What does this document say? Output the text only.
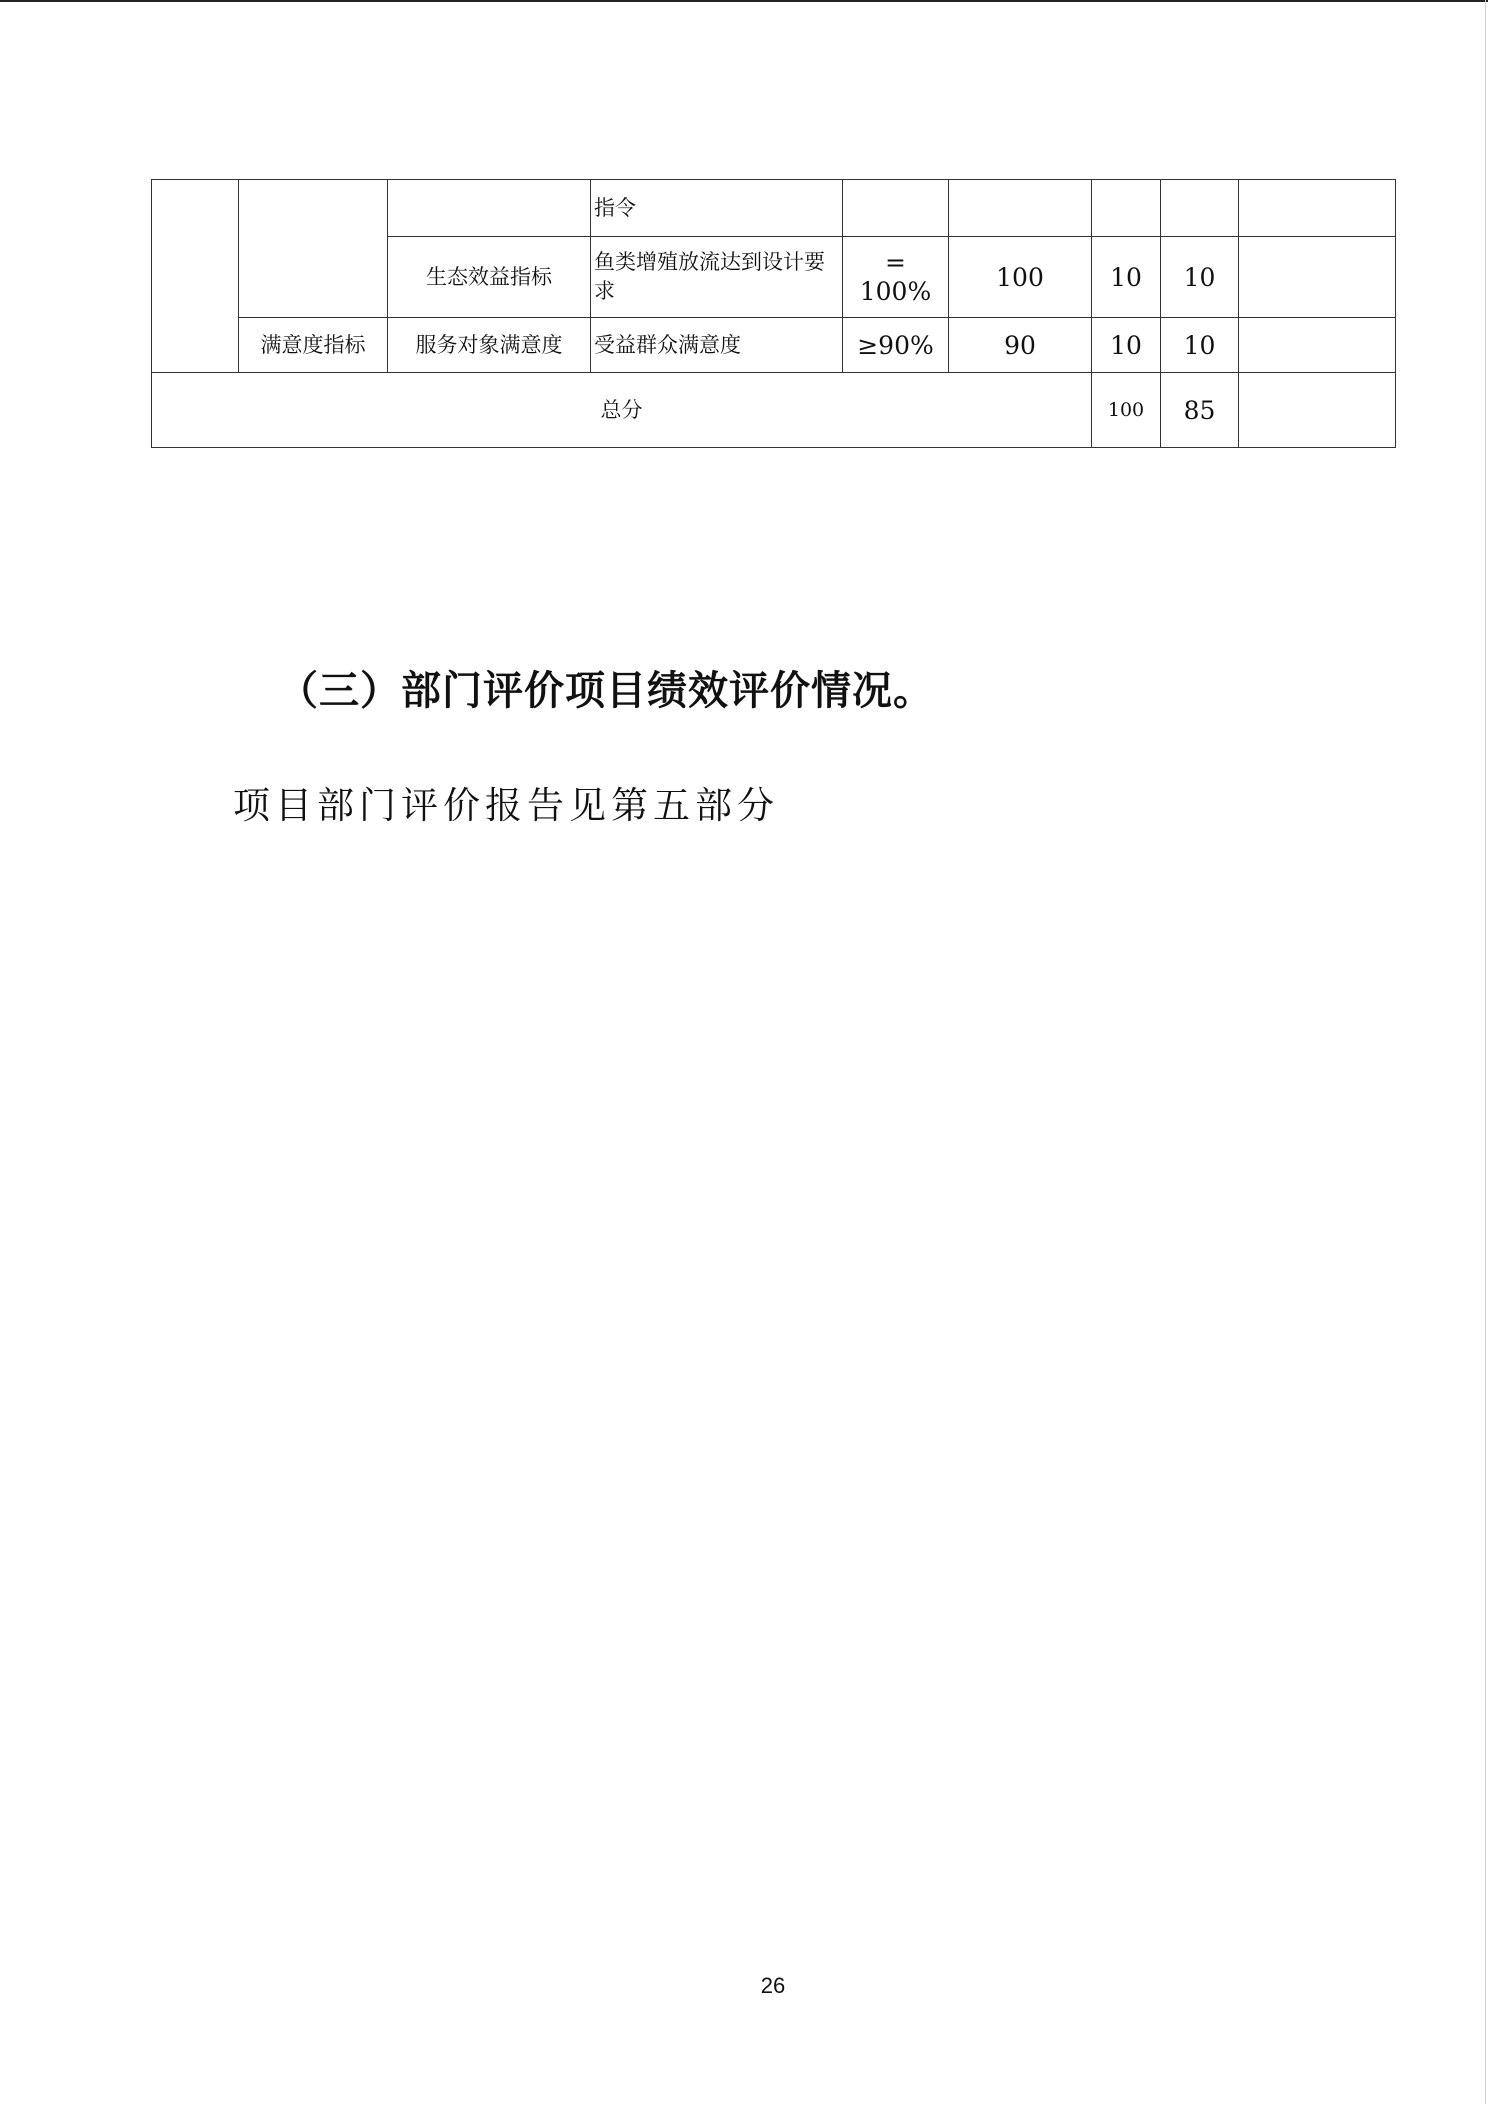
			指令					
		生态效益指标	鱼类增殖放流达到设计要求	= 100%	100	10	10	
	满意度指标	服务对象满意度	受益群众满意度	≥90%	90	10	10	
总分						100	85	
（三）部门评价项目绩效评价情况。
项目部门评价报告见第五部分
26
